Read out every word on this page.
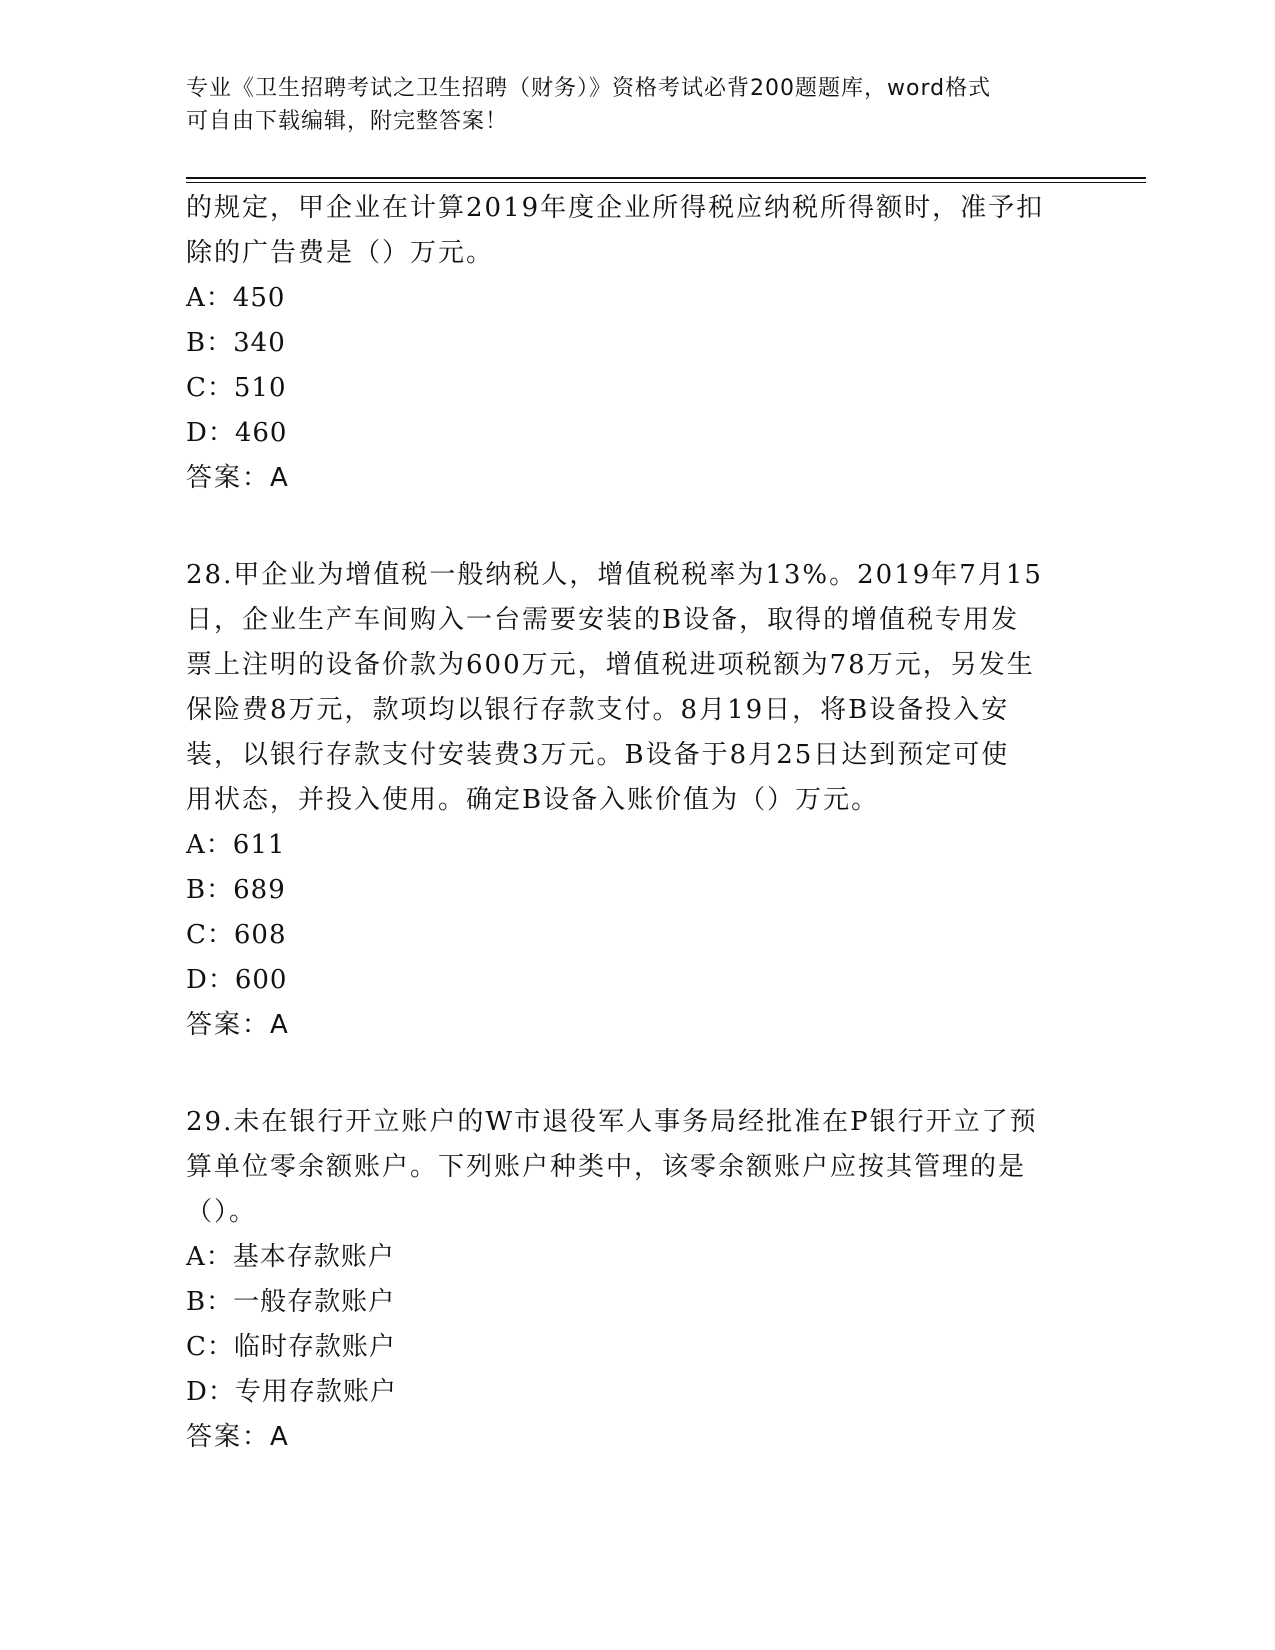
专业《卫生招聘考试之卫生招聘（财务）》资格考试必背200题题库，word格式
可自由下载编辑，附完整答案！
的规定，甲企业在计算2019年度企业所得税应纳税所得额时，准予扣
除的广告费是（）万元。
A：450
B：340
C：510
D：460
答案：A
28.甲企业为增值税一般纳税人，增值税税率为13%。2019年7月15
日，企业生产车间购入一台需要安装的B设备，取得的增值税专用发
票上注明的设备价款为600万元，增值税进项税额为78万元，另发生
保险费8万元，款项均以银行存款支付。8月19日，将B设备投入安
装，以银行存款支付安装费3万元。B设备于8月25日达到预定可使
用状态，并投入使用。确定B设备入账价值为（）万元。
A：611
B：689
C：608
D：600
答案：A
29.未在银行开立账户的W市退役军人事务局经批准在P银行开立了预
算单位零余额账户。下列账户种类中，该零余额账户应按其管理的是
（）。
A：基本存款账户
B：一般存款账户
C：临时存款账户
D：专用存款账户
答案：A
